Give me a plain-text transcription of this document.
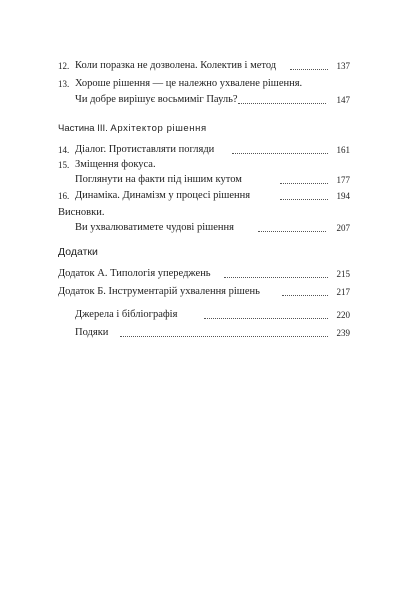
12. Коли поразка не дозволена. Колектив і метод	137
13. Хороше рішення — це належно ухвалене рішення.
Чи добре вирішує восьмиміг Пауль?	147
Частина ІІІ. Архітектор рішення
14. Діалог. Протиставляти погляди	161
15. Зміщення фокуса.
Поглянути на факти під іншим кутом	177
16. Динаміка. Динамізм у процесі рішення	194
Висновки.
Ви ухвалюватимете чудові рішення	207
Додатки
Додаток А. Типологія упереджень	215
Додаток Б. Інструментарій ухвалення рішень	217
Джерела і бібліографія	220
Подяки	239
